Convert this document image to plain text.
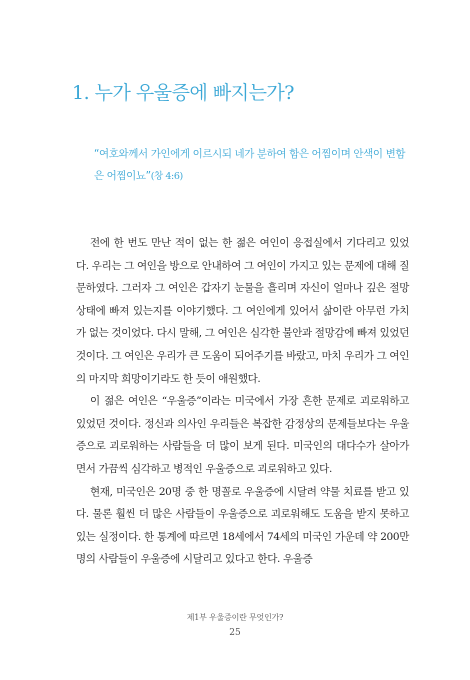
1. 누가 우울증에 빠지는가?
“여호와께서 가인에게 이르시되 네가 분하여 함은 어찜이며 안색이 변함은 어찜이뇨”(창 4:6)

전에 한 번도 만난 적이 없는 한 젊은 여인이 응접실에서 기다리고 있었다. 우리는 그 여인을 방으로 안내하여 그 여인이 가지고 있는 문제에 대해 질문하였다. 그러자 그 여인은 갑자기 눈물을 흘리며 자신이 얼마나 깊은 절망 상태에 빠져 있는지를 이야기했다. 그 여인에게 있어서 삶이란 아무런 가치가 없는 것이었다. 다시 말해, 그 여인은 심각한 불안과 절망감에 빠져 있었던 것이다. 그 여인은 우리가 큰 도움이 되어주기를 바랐고, 마치 우리가 그 여인의 마지막 희망이기라도 한 듯이 애원했다.

이 젊은 여인은 “우울증”이라는 미국에서 가장 흔한 문제로 괴로워하고 있었던 것이다. 정신과 의사인 우리들은 복잡한 감정상의 문제들보다는 우울증으로 괴로워하는 사람들을 더 많이 보게 된다. 미국인의 대다수가 살아가면서 가끔씩 심각하고 병적인 우울증으로 괴로워하고 있다.

현재, 미국인은 20명 중 한 명꼴로 우울증에 시달려 약물 치료를 받고 있다. 물론 훨씬 더 많은 사람들이 우울증으로 괴로워해도 도움을 받지 못하고 있는 실정이다. 한 통계에 따르면 18세에서 74세의 미국인 가운데 약 200만 명의 사람들이 우울증에 시달리고 있다고 한다. 우울증

제1부 우울증이란 무엇인가?
25
